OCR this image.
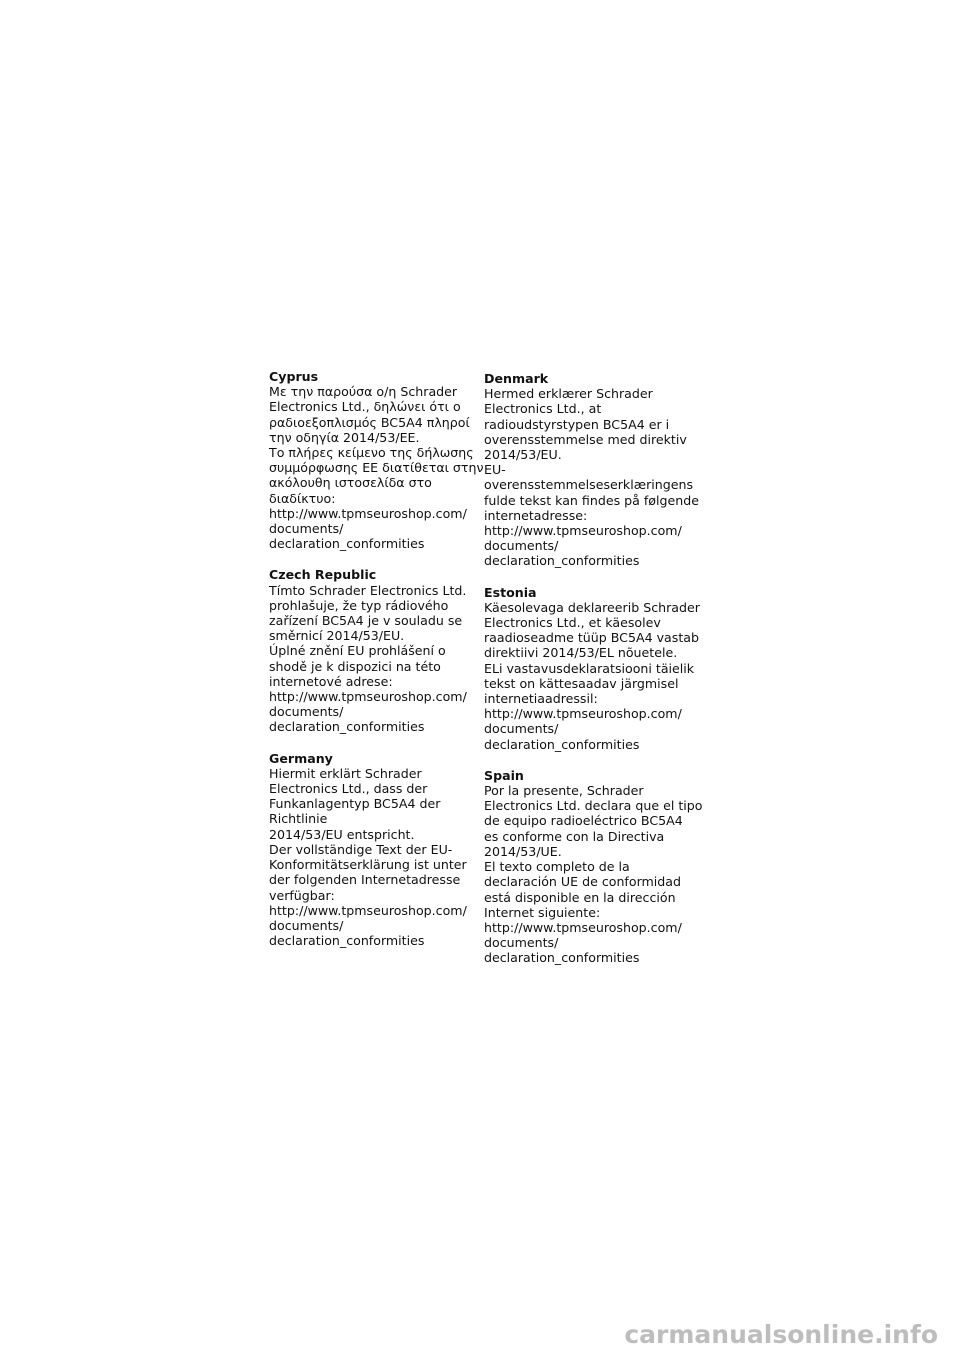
Cyprus
Με την παρούσα ο/η Schrader
Electronics Ltd., δηλώνει ότι ο
ραδιοεξοπλισμός BC5A4 πληροί
την οδηγία 2014/53/ΕΕ.
Το πλήρες κείμενο της δήλωσης
συμμόρφωσης ΕΕ διατίθεται στην
ακόλουθη ιστοσελίδα στο
διαδίκτυο:
http://www.tpmseuroshop.com/
documents/
declaration_conformities
Czech Republic
Tímto Schrader Electronics Ltd.
prohlašuje, že typ rádiového
zařízení BC5A4 je v souladu se
směrnicí 2014/53/EU.
Úplné znění EU prohlášení o
shodě je k dispozici na této
internetové adrese:
http://www.tpmseuroshop.com/
documents/
declaration_conformities
Germany
Hiermit erklärt Schrader
Electronics Ltd., dass der
Funkanlagentyp BC5A4 der
Richtlinie
2014/53/EU entspricht.
Der vollständige Text der EU-
Konformitätserklärung ist unter
der folgenden Internetadresse
verfügbar:
http://www.tpmseuroshop.com/
documents/
declaration_conformities
Denmark
Hermed erklærer Schrader
Electronics Ltd., at
radioudstyrstypen BC5A4 er i
overensstemmelse med direktiv
2014/53/EU.
EU-
overensstemmelseserklæringens
fulde tekst kan findes på følgende
internetadresse:
http://www.tpmseuroshop.com/
documents/
declaration_conformities
Estonia
Käesolevaga deklareerib Schrader
Electronics Ltd., et käesolev
raadioseadme tüüp BC5A4 vastab
direktiivi 2014/53/EL nõuetele.
ELi vastavusdeklaratsiooni täielik
tekst on kättesaadav järgmisel
internetiaadressil:
http://www.tpmseuroshop.com/
documents/
declaration_conformities
Spain
Por la presente, Schrader
Electronics Ltd. declara que el tipo
de equipo radioeléctrico BC5A4
es conforme con la Directiva
2014/53/UE.
El texto completo de la
declaración UE de conformidad
está disponible en la dirección
Internet siguiente:
http://www.tpmseuroshop.com/
documents/
declaration_conformities
carmanualsonline.info
